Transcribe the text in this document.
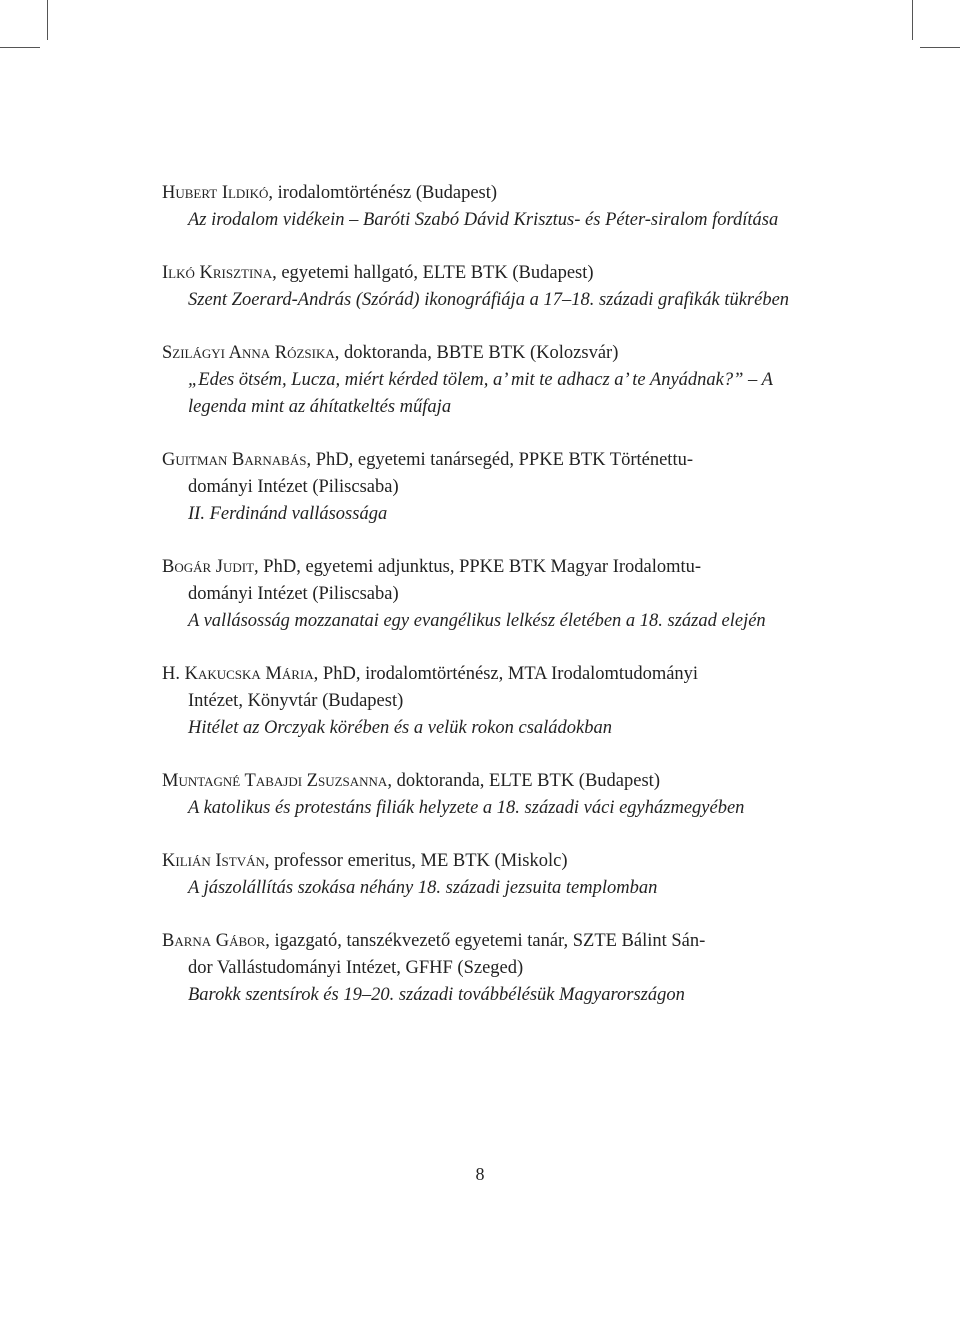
Hubert Ildikó, irodalomtörténész (Budapest)
Az irodalom vidékein – Baróti Szabó Dávid Krisztus- és Péter-siralom fordítása
Ilkó Krisztina, egyetemi hallgató, ELTE BTK (Budapest)
Szent Zoerard-András (Szórád) ikonográfiája a 17–18. századi grafikák tükrében
Szilágyi Anna Rózsika, doktoranda, BBTE BTK (Kolozsvár)
„Edes ötsém, Lucza, miért kérded tölem, a’ mit te adhacz a’ te Anyádnak?” – A
legenda mint az áhítatkeltés műfaja
Guitman Barnabás, PhD, egyetemi tanársegéd, PPKE BTK Történettu-
dományi Intézet (Piliscsaba)
II. Ferdinánd vallásossága
Bogár Judit, PhD, egyetemi adjunktus, PPKE BTK Magyar Irodalomtu-
dományi Intézet (Piliscsaba)
A vallásosság mozzanatai egy evangélikus lelkész életében a 18. század elején
H. Kakucska Mária, PhD, irodalomtörténész, MTA Irodalomtudományi
Intézet, Könyvtár (Budapest)
Hitélet az Orczyak körében és a velük rokon családokban
Muntagné Tabajdi Zsuzsanna, doktoranda, ELTE BTK (Budapest)
A katolikus és protestáns filiák helyzete a 18. századi váci egyházmegyében
Kilián István, professor emeritus, ME BTK (Miskolc)
A jászolállítás szokása néhány 18. századi jezsuita templomban
Barna Gábor, igazgató, tanszékvezető egyetemi tanár, SZTE Bálint Sán-
dor Vallástudományi Intézet, GFHF (Szeged)
Barokk szentsírok és 19–20. századi továbbélésük Magyarországon
8
